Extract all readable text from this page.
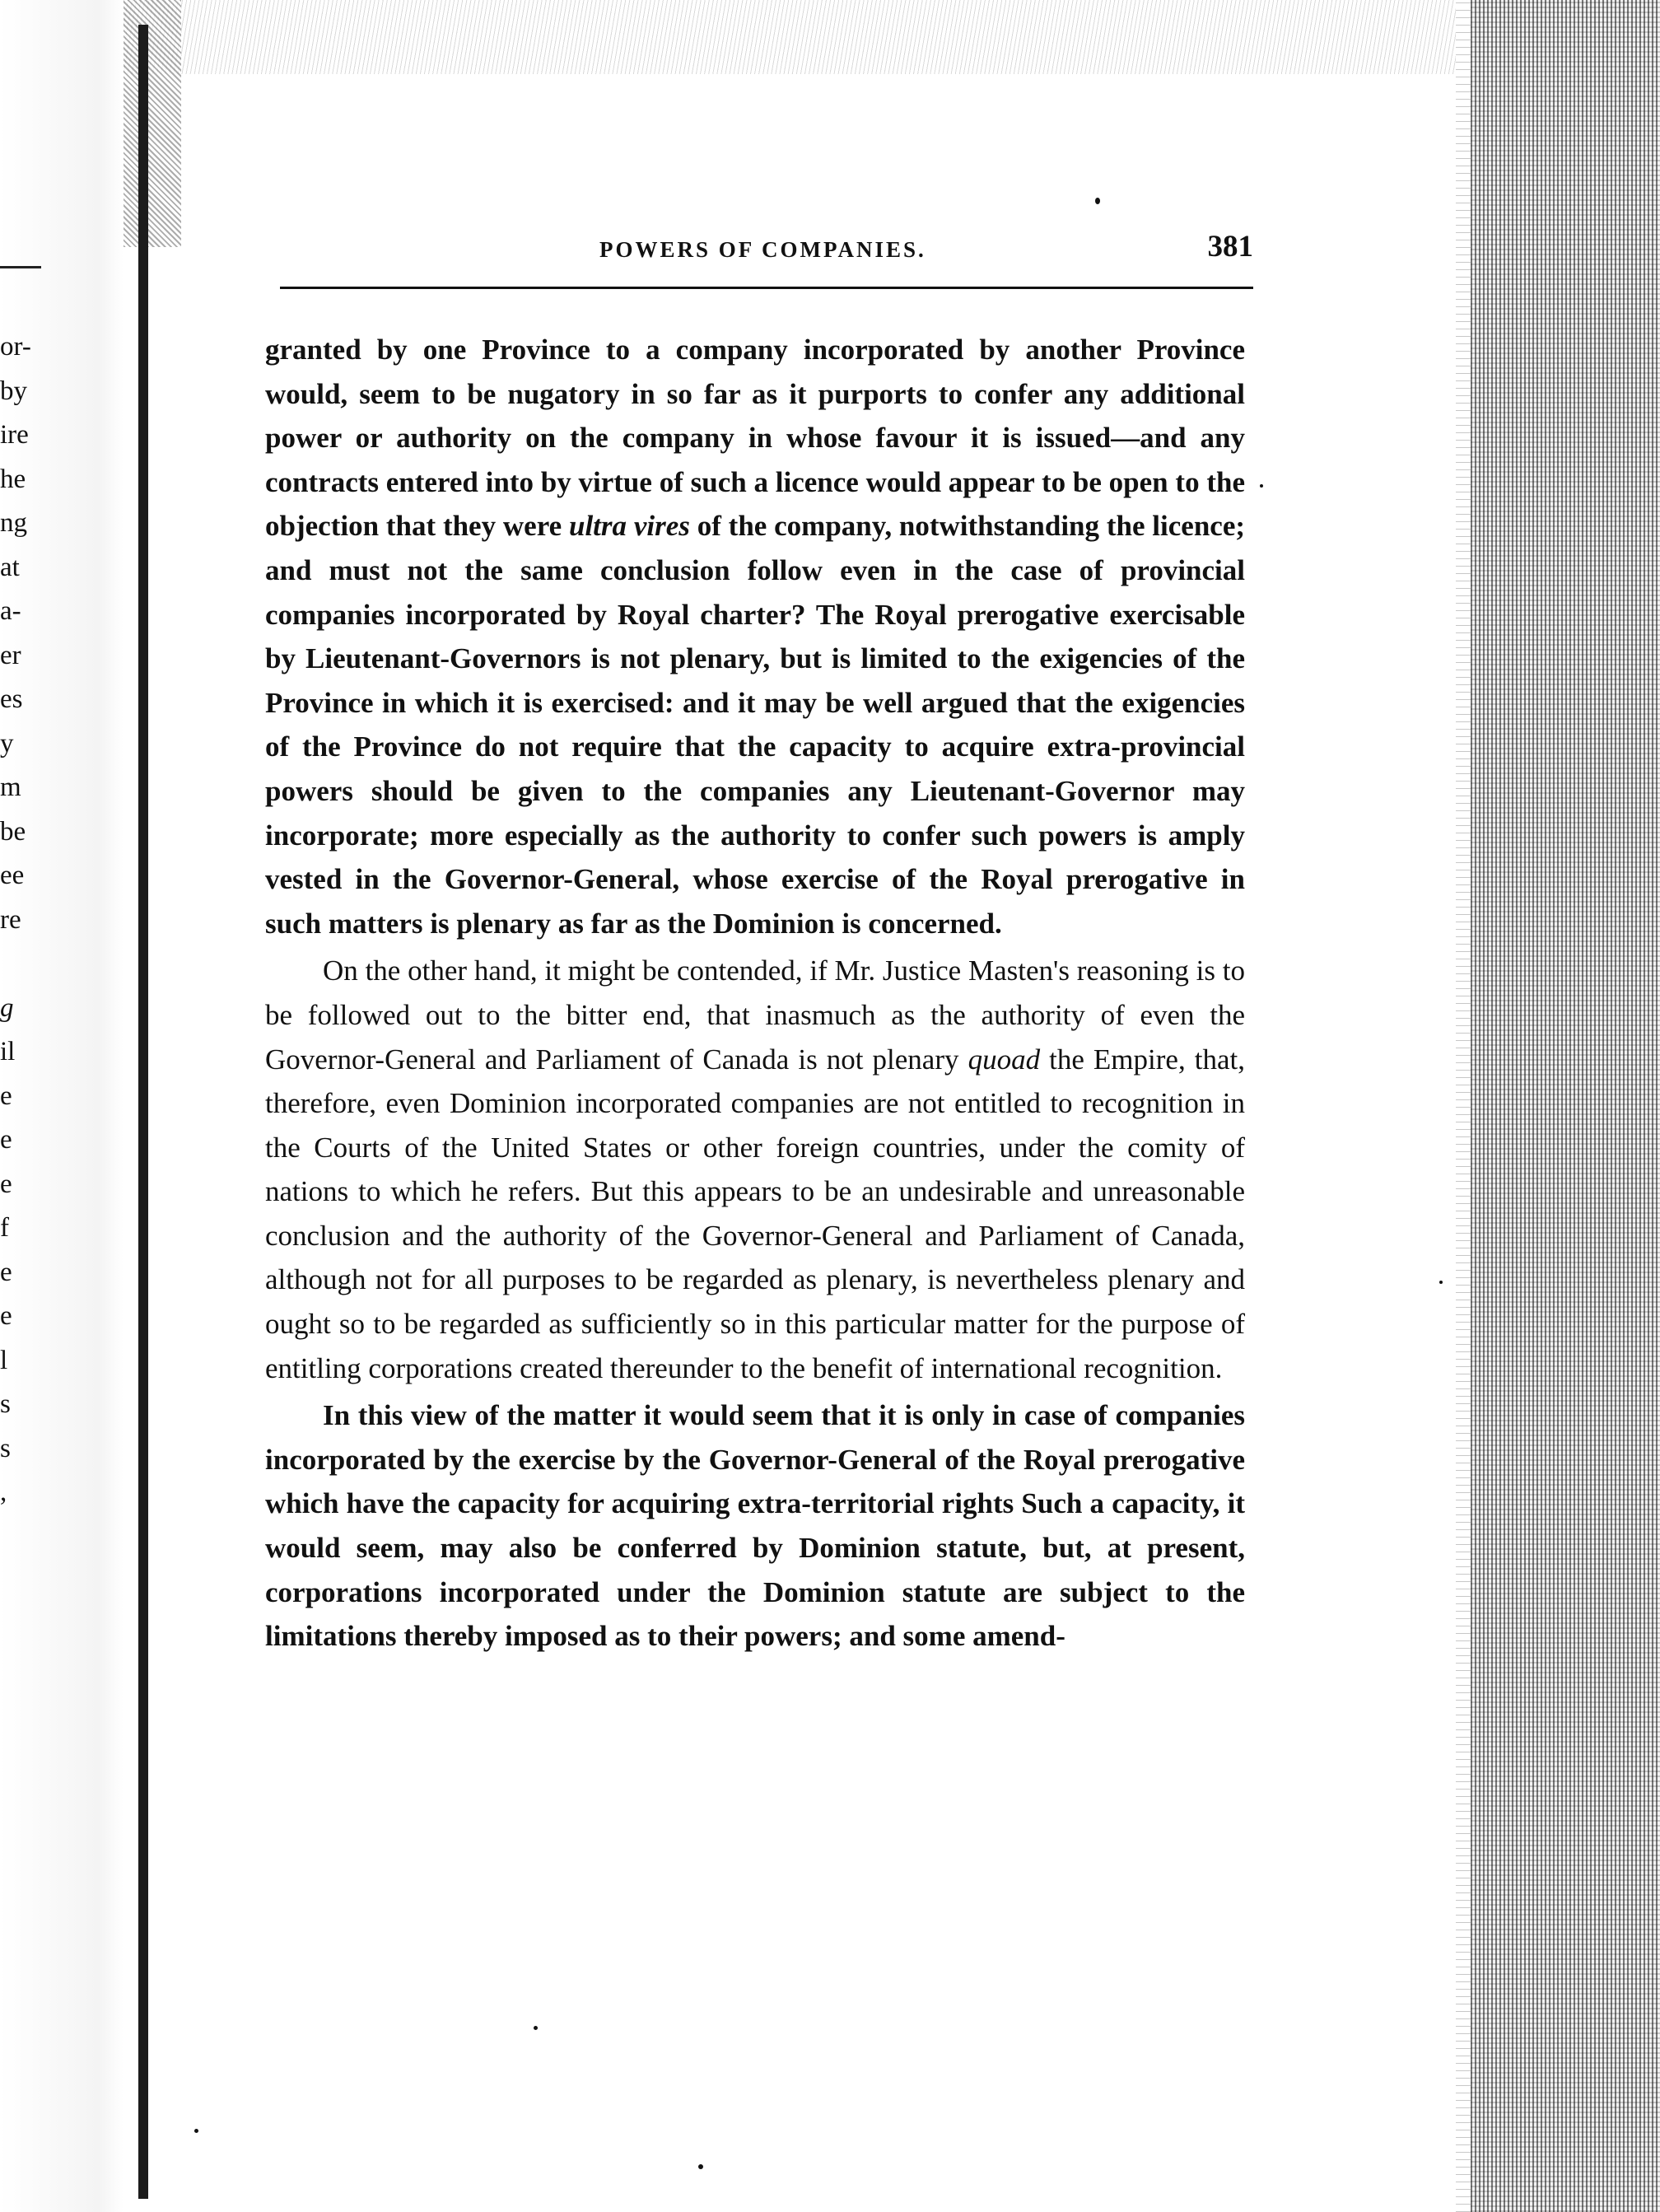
or-
by
ire
he
ng
at
a-
er
es
y
m
be
ee
re
g
il
e
e
e
f
e
e
l
s
s
,
POWERS OF COMPANIES.	381

granted by one Province to a company incorporated by another Province would, seem to be nugatory in so far as it purports to confer any additional power or authority on the company in whose favour it is issued—and any contracts entered into by virtue of such a licence would appear to be open to the objection that they were ultra vires of the company, notwithstanding the licence; and must not the same conclusion follow even in the case of provincial companies incorporated by Royal charter? The Royal prerogative exercisable by Lieutenant-Governors is not plenary, but is limited to the exigencies of the Province in which it is exercised: and it may be well argued that the exigencies of the Province do not require that the capacity to acquire extra-provincial powers should be given to the companies any Lieutenant-Governor may incorporate; more especially as the authority to confer such powers is amply vested in the Governor-General, whose exercise of the Royal prerogative in such matters is plenary as far as the Dominion is concerned.

On the other hand, it might be contended, if Mr. Justice Masten's reasoning is to be followed out to the bitter end, that inasmuch as the authority of even the Governor-General and Parliament of Canada is not plenary quoad the Empire, that, therefore, even Dominion incorporated companies are not entitled to recognition in the Courts of the United States or other foreign countries, under the comity of nations to which he refers. But this appears to be an undesirable and unreasonable conclusion and the authority of the Governor-General and Parliament of Canada, although not for all purposes to be regarded as plenary, is nevertheless plenary and ought so to be regarded as sufficiently so in this particular matter for the purpose of entitling corporations created thereunder to the benefit of international recognition.

In this view of the matter it would seem that it is only in case of companies incorporated by the exercise by the Governor-General of the Royal prerogative which have the capacity for acquiring extra-territorial rights Such a capacity, it would seem, may also be conferred by Dominion statute, but, at present, corporations incorporated under the Dominion statute are subject to the limitations thereby imposed as to their powers; and some amend-
